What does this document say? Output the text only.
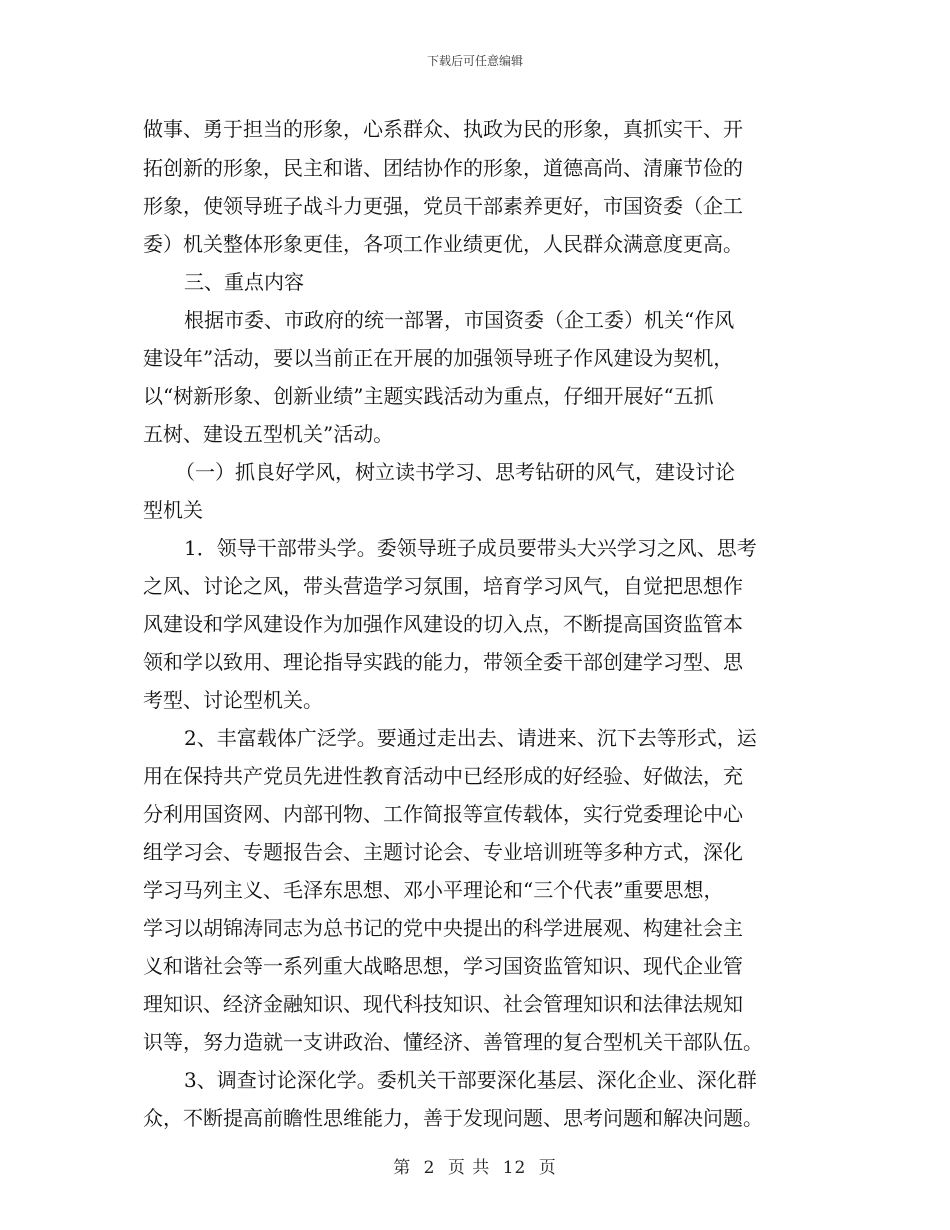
下载后可任意编辑
做事、勇于担当的形象，心系群众、执政为民的形象，真抓实干、开
拓创新的形象，民主和谐、团结协作的形象，道德高尚、清廉节俭的
形象，使领导班子战斗力更强，党员干部素养更好，市国资委（企工
委）机关整体形象更佳，各项工作业绩更优，人民群众满意度更高。
三、重点内容
根据市委、市政府的统一部署，市国资委（企工委）机关“作风
建设年”活动，要以当前正在开展的加强领导班子作风建设为契机，
以“树新形象、创新业绩”主题实践活动为重点，仔细开展好“五抓
五树、建设五型机关”活动。
（一）抓良好学风，树立读书学习、思考钻研的风气，建设讨论
型机关
1．领导干部带头学。委领导班子成员要带头大兴学习之风、思考
之风、讨论之风，带头营造学习氛围，培育学习风气，自觉把思想作
风建设和学风建设作为加强作风建设的切入点，不断提高国资监管本
领和学以致用、理论指导实践的能力，带领全委干部创建学习型、思
考型、讨论型机关。
2、丰富载体广泛学。要通过走出去、请进来、沉下去等形式，运
用在保持共产党员先进性教育活动中已经形成的好经验、好做法，充
分利用国资网、内部刊物、工作简报等宣传载体，实行党委理论中心
组学习会、专题报告会、主题讨论会、专业培训班等多种方式，深化
学习马列主义、毛泽东思想、邓小平理论和“三个代表”重要思想，
学习以胡锦涛同志为总书记的党中央提出的科学进展观、构建社会主
义和谐社会等一系列重大战略思想，学习国资监管知识、现代企业管
理知识、经济金融知识、现代科技知识、社会管理知识和法律法规知
识等，努力造就一支讲政治、懂经济、善管理的复合型机关干部队伍。
3、调查讨论深化学。委机关干部要深化基层、深化企业、深化群
众，不断提高前瞻性思维能力，善于发现问题、思考问题和解决问题。
第 2 页 共 12 页
